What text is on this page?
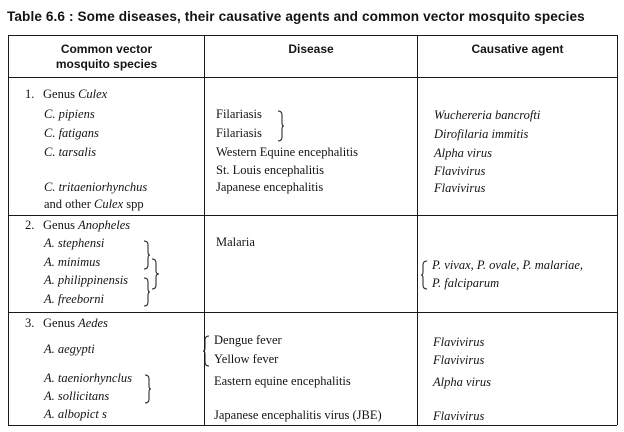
Table 6.6 : Some diseases, their causative agents and common vector mosquito species
Common vector
mosquito species
Disease	Causative agent
1. Genus Culex
C. pipiens
C. fatigans
C. tarsalis
C. tritaeniorhynchus
and other Culex spp
Filariasis
Filariasis
Western Equine encephalitis
St. Louis encephalitis
Japanese encephalitis
Wuchereria bancrofti
Dirofilaria immitis
Alpha virus
Flavivirus
Flavivirus
2. Genus Anopheles
A. stephensi
A. minimus
A. philippinensis
A. freeborni
Malaria
P. vivax, P. ovale, P. malariae,
P. falciparum
3. Genus Aedes
A. aegypti
A. taeniorhynclus
A. sollicitans
A. albopict s
Dengue fever
Yellow fever
Eastern equine encephalitis
Japanese encephalitis virus (JBE)
Flavivirus
Flavivirus
Alpha virus
Flavivirus
